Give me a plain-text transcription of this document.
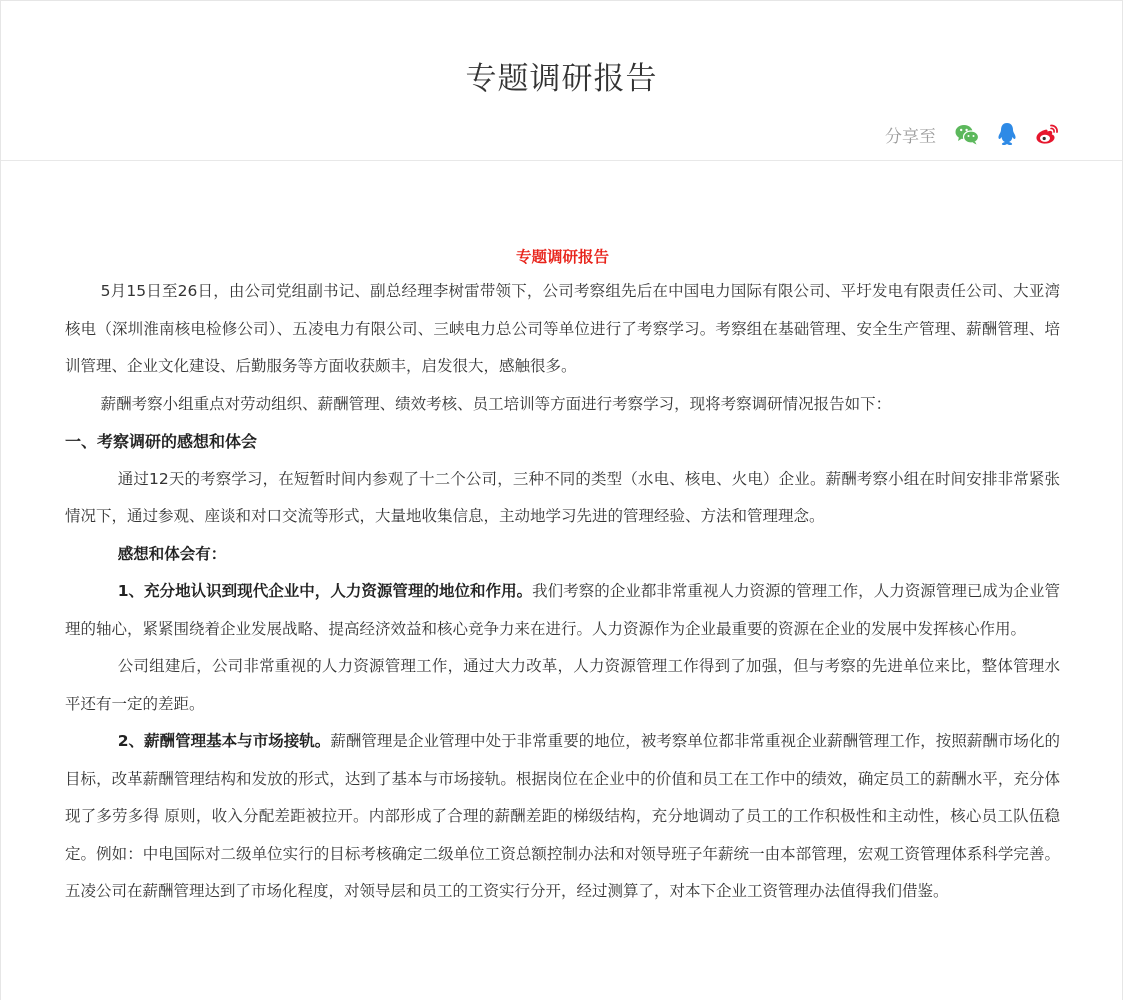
专题调研报告
分享至
专题调研报告

5月15日至26日，由公司党组副书记、副总经理李树雷带领下，公司考察组先后在中国电力国际有限公司、平圩发电有限责任公司、大亚湾核电（深圳淮南核电检修公司）、五凌电力有限公司、三峡电力总公司等单位进行了考察学习。考察组在基础管理、安全生产管理、薪酬管理、培训管理、企业文化建设、后勤服务等方面收获颇丰，启发很大，感触很多。

薪酬考察小组重点对劳动组织、薪酬管理、绩效考核、员工培训等方面进行考察学习，现将考察调研情况报告如下：

一、考察调研的感想和体会

通过12天的考察学习，在短暂时间内参观了十二个公司，三种不同的类型（水电、核电、火电）企业。薪酬考察小组在时间安排非常紧张情况下，通过参观、座谈和对口交流等形式，大量地收集信息，主动地学习先进的管理经验、方法和管理理念。

感想和体会有：

1、充分地认识到现代企业中，人力资源管理的地位和作用。我们考察的企业都非常重视人力资源的管理工作，人力资源管理已成为企业管理的轴心，紧紧围绕着企业发展战略、提高经济效益和核心竞争力来在进行。人力资源作为企业最重要的资源在企业的发展中发挥核心作用。

公司组建后，公司非常重视的人力资源管理工作，通过大力改革，人力资源管理工作得到了加强，但与考察的先进单位来比，整体管理水平还有一定的差距。

2、薪酬管理基本与市场接轨。薪酬管理是企业管理中处于非常重要的地位，被考察单位都非常重视企业薪酬管理工作，按照薪酬市场化的目标，改革薪酬管理结构和发放的形式，达到了基本与市场接轨。根据岗位在企业中的价值和员工在工作中的绩效，确定员工的薪酬水平，充分体现了多劳多得 原则，收入分配差距被拉开。内部形成了合理的薪酬差距的梯级结构，充分地调动了员工的工作积极性和主动性，核心员工队伍稳定。例如：中电国际对二级单位实行的目标考核确定二级单位工资总额控制办法和对领导班子年薪统一由本部管理，宏观工资管理体系科学完善。五凌公司在薪酬管理达到了市场化程度，对领导层和员工的工资实行分开，经过测算了，对本下企业工资管理办法值得我们借鉴。
